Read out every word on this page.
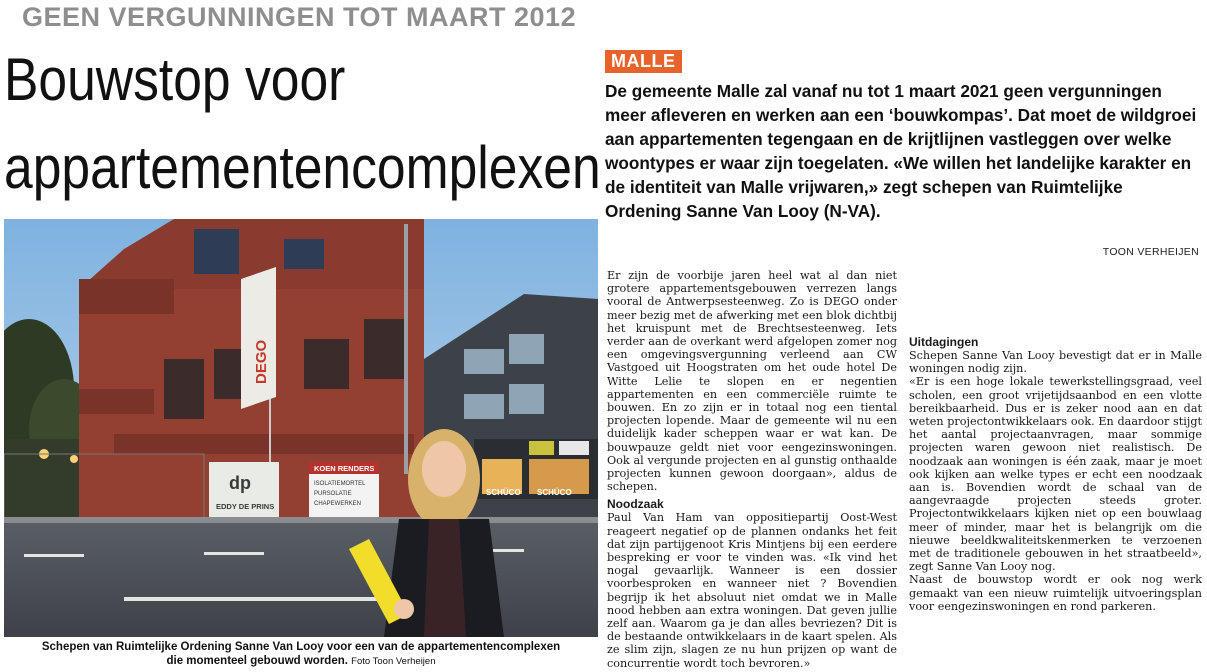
GEEN VERGUNNINGEN TOT MAART 2012
Bouwstop voor
appartementencomplexen
SCHÜCO
SCHÜCO
DEGO
dp
EDDY DE PRINS
KOEN RENDERS
ISOLATIEMORTEL
PURSOLATIE
CHAPEWERKEN
Schepen van Ruimtelijke Ordening Sanne Van Looy voor een van de appartementencomplexen
die momenteel gebouwd worden. Foto Toon Verheijen
MALLE

De gemeente Malle zal vanaf nu tot 1 maart 2021 geen vergunningen meer afleveren en werken aan een ‘bouwkompas’. Dat moet de wildgroei aan appartementen tegengaan en de krijtlijnen vastleggen over welke woontypes er waar zijn toegelaten. «We willen het landelijke karakter en de identiteit van Malle vrijwaren,» zegt schepen van Ruimtelijke Ordening Sanne Van Looy (N-VA).

TOON VERHEIJEN

Er zijn de voorbije jaren heel wat al dan niet grotere appartementsgebouwen verrezen langs vooral de Antwerpsesteenweg. Zo is DEGO onder meer bezig met de afwerking met een blok dichtbij het kruispunt met de Brechtsesteenweg. Iets verder aan de overkant werd afgelopen zomer nog een omgevingsvergunning verleend aan CW Vastgoed uit Hoogstraten om het oude hotel De Witte Lelie te slopen en er negentien appartementen en een commerciële ruimte te bouwen. En zo zijn er in totaal nog een tiental projecten lopende. Maar de gemeente wil nu een duidelijk kader scheppen waar er wat kan. De bouwpauze geldt niet voor eengezinswoningen. Ook al vergunde projecten en al gunstig onthaalde projecten kunnen gewoon doorgaan», aldus de schepen.

Noodzaak

Paul Van Ham van oppositiepartij Oost-West reageert negatief op de plannen ondanks het feit dat zijn partijgenoot Kris Mintjens bij een eerdere bespreking er voor te vinden was. «Ik vind het nogal gevaarlijk. Wanneer is een dossier voorbesproken en wanneer niet ? Bovendien begrijp ik het absoluut niet omdat we in Malle nood hebben aan extra woningen. Dat geven jullie zelf aan. Waarom ga je dan alles bevriezen? Dit is de bestaande ontwikkelaars in de kaart spelen. Als ze slim zijn, slagen ze nu hun prijzen op want de concurrentie wordt toch bevroren.»

Uitdagingen

Schepen Sanne Van Looy bevestigt dat er in Malle woningen nodig zijn.

«Er is een hoge lokale tewerkstellingsgraad, veel scholen, een groot vrijetijdsaanbod en een vlotte bereikbaarheid. Dus er is zeker nood aan en dat weten projectontwikkelaars ook. En daardoor stijgt het aantal projectaanvragen, maar sommige projecten waren gewoon niet realistisch. De noodzaak aan woningen is één zaak, maar je moet ook kijken aan welke types er echt een noodzaak aan is. Bovendien wordt de schaal van de aangevraagde projecten steeds groter. Projectontwikkelaars kijken niet op een bouwlaag meer of minder, maar het is belangrijk om die nieuwe beeldkwaliteitskenmerken te verzoenen met de traditionele gebouwen in het straatbeeld», zegt Sanne Van Looy nog.

Naast de bouwstop wordt er ook nog werk gemaakt van een nieuw ruimtelijk uitvoeringsplan voor eengezinswoningen en rond parkeren.
